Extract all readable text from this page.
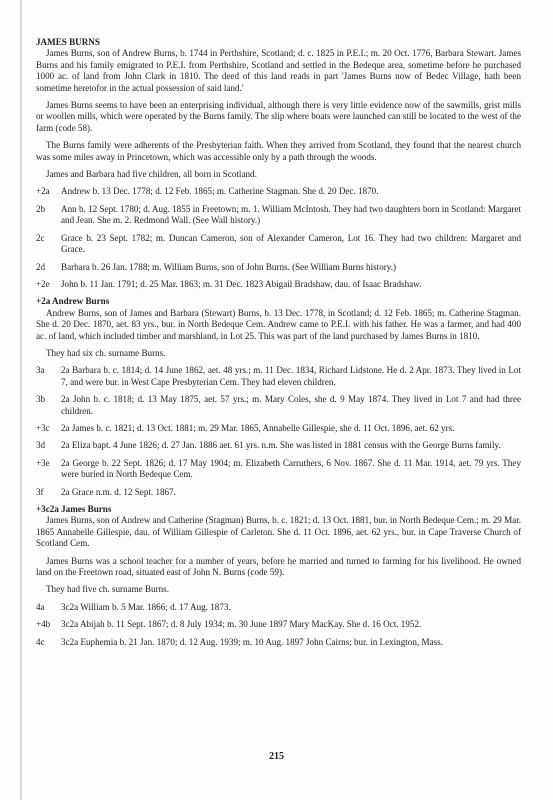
JAMES BURNS

James Burns, son of Andrew Burns, b. 1744 in Perthshire, Scotland; d. c. 1825 in P.E.I.; m. 20 Oct. 1776, Barbara Stewart. James Burns and his family emigrated to P.E.I. from Perthshire, Scotland and settled in the Bedeque area, sometime before he purchased 1000 ac. of land from John Clark in 1810. The deed of this land reads in part 'James Burns now of Bedec Village, hath been sometime heretofor in the actual possession of said land.'

James Burns seems to have been an enterprising individual, although there is very little evidence now of the sawmills, grist mills or woollen mills, which were operated by the Burns family. The slip where boats were launched can still be located to the west of the farm (code 58).

The Burns family were adherents of the Presbyterian faith. When they arrived from Scotland, they found that the nearest church was some miles away in Princetown, which was accessible only by a path through the woods.

James and Barbara had five children, all born in Scotland.

+2a	Andrew b. 13 Dec. 1778; d. 12 Feb. 1865; m. Catherine Stagman. She d. 20 Dec. 1870.
2b	Ann b. 12 Sept. 1780; d. Aug. 1855 in Freetown; m. 1. William McIntosh. They had two daughters born in Scotland: Margaret and Jean. She m. 2. Redmond Wall. (See Wall history.)
2c	Grace b. 23 Sept. 1782; m. Duncan Cameron, son of Alexander Cameron, Lot 16. They had two children: Margaret and Grace.
2d	Barbara b. 26 Jan. 1788; m. William Burns, son of John Burns. (See William Burns history.)
+2e	John b. 11 Jan. 1791; d. 25 Mar. 1863; m. 31 Dec. 1823 Abigail Bradshaw, dau. of Isaac Bradshaw.

+2a Andrew Burns

Andrew Burns, son of James and Barbara (Stewart) Burns, b. 13 Dec. 1778, in Scotland; d. 12 Feb. 1865; m. Catherine Stagman. She d. 20 Dec. 1870, aet. 83 yrs., bur. in North Bedeque Cem. Andrew came to P.E.I. with his father. He was a farmer, and had 400 ac. of land, which included timber and marshland, in Lot 25. This was part of the land purchased by James Burns in 1810.

They had six ch. surname Burns.

3a	2a Barbara b. c. 1814; d. 14 June 1862, aet. 48 yrs.; m. 11 Dec. 1834, Richard Lidstone. He d. 2 Apr. 1873. They lived in Lot 7, and were bur. in West Cape Presbyterian Cem. They had eleven children.
3b	2a John b. c. 1818; d. 13 May 1875, aet. 57 yrs.; m. Mary Coles, she d. 9 May 1874. They lived in Lot 7 and had three children.
+3c	2a James b. c. 1821; d. 13 Oct. 1881; m. 29 Mar. 1865, Annabelle Gillespie, she d. 11 Oct. 1896, aet. 62 yrs.
3d	2a Eliza bapt. 4 June 1826; d. 27 Jan. 1886 aet. 61 yrs. n.m. She was listed in 1881 census with the George Burns family.
+3e	2a George b. 22 Sept. 1826; d. 17 May 1904; m. Elizabeth Carruthers, 6 Nov. 1867. She d. 11 Mar. 1914, aet. 79 yrs. They were buried in North Bedeque Cem.
3f	2a Grace n.m. d. 12 Sept. 1867.

+3c2a James Burns

James Burns, son of Andrew and Catherine (Stagman) Burns, b. c. 1821; d. 13 Oct. 1881, bur. in North Bedeque Cem.; m. 29 Mar. 1865 Annabelle Gillespie, dau. of William Gillespie of Carleton. She d. 11 Oct. 1896, aet. 62 yrs., bur. in Cape Traverse Church of Scotland Cem.

James Burns was a school teacher for a number of years, before he married and turned to farming for his livelihood. He owned land on the Freetown road, situated east of John N. Burns (code 59).

They had five ch. surname Burns.

4a	3c2a William b. 5 Mar. 1866; d. 17 Aug. 1873.
+4b	3c2a Abijah b. 11 Sept. 1867; d. 8 July 1934; m. 30 June 1897 Mary MacKay. She d. 16 Oct. 1952.
4c	3c2a Euphemia b. 21 Jan. 1870; d. 12 Aug. 1939; m. 10 Aug. 1897 John Cairns; bur. in Lexington, Mass.
215
